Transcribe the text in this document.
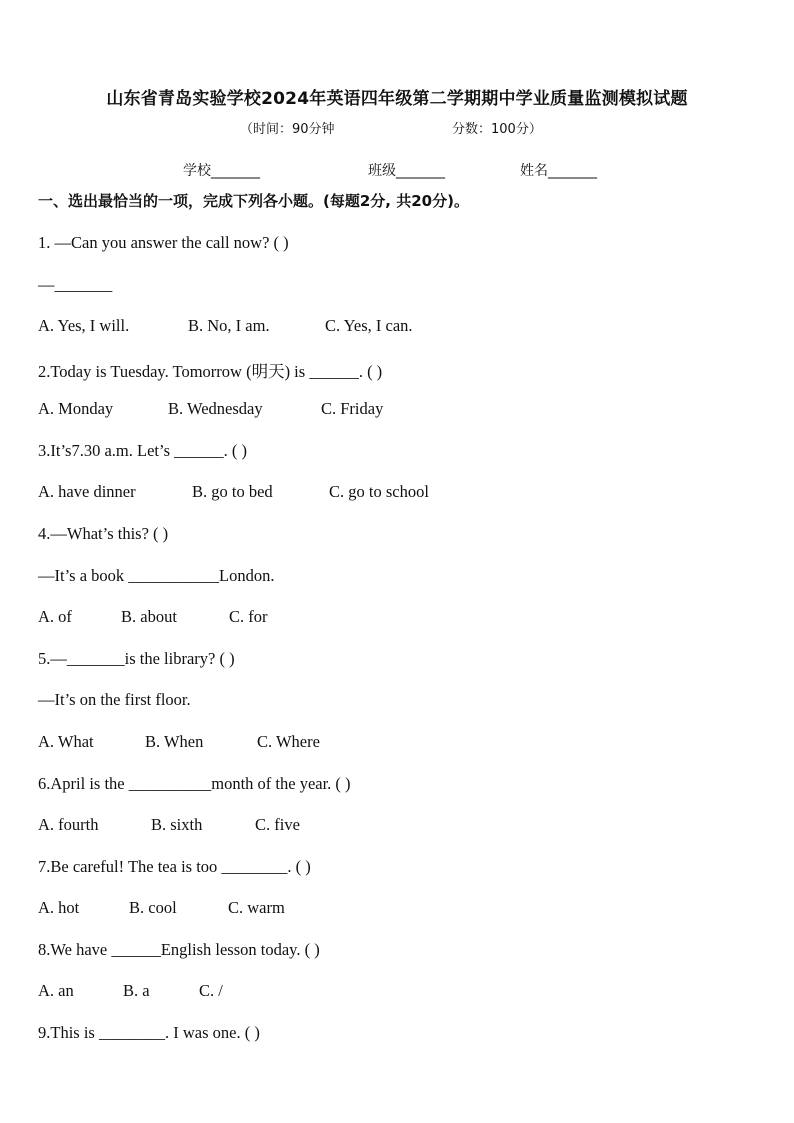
山东省青岛实验学校2024年英语四年级第二学期期中学业质量监测模拟试题
（时间：90分钟	分数：100分）
学校_______	班级_______	姓名_______
一、选出最恰当的一项，完成下列各小题。(每题2分, 共20分)。
1. —Can you answer the call now? ( )
—_______
A. Yes, I will.	B. No, I am.	C. Yes, I can.
2.Today is Tuesday. Tomorrow (明天) is ______. ( )
A. Monday	B. Wednesday	C. Friday
3.It’s7.30 a.m. Let’s ______. ( )
A. have dinner	B. go to bed	C. go to school
4.—What’s this? ( )
—It’s a book ___________London.
A. of	B. about	C. for
5.—_______is the library? ( )
—It’s on the first floor.
A. What	B. When	C. Where
6.April is the __________month of the year. ( )
A. fourth	B. sixth	C. five
7.Be careful! The tea is too ________. ( )
A. hot	B. cool	C. warm
8.We have ______English lesson today. ( )
A. an	B. a	C. /
9.This is ________. I was one. ( )
